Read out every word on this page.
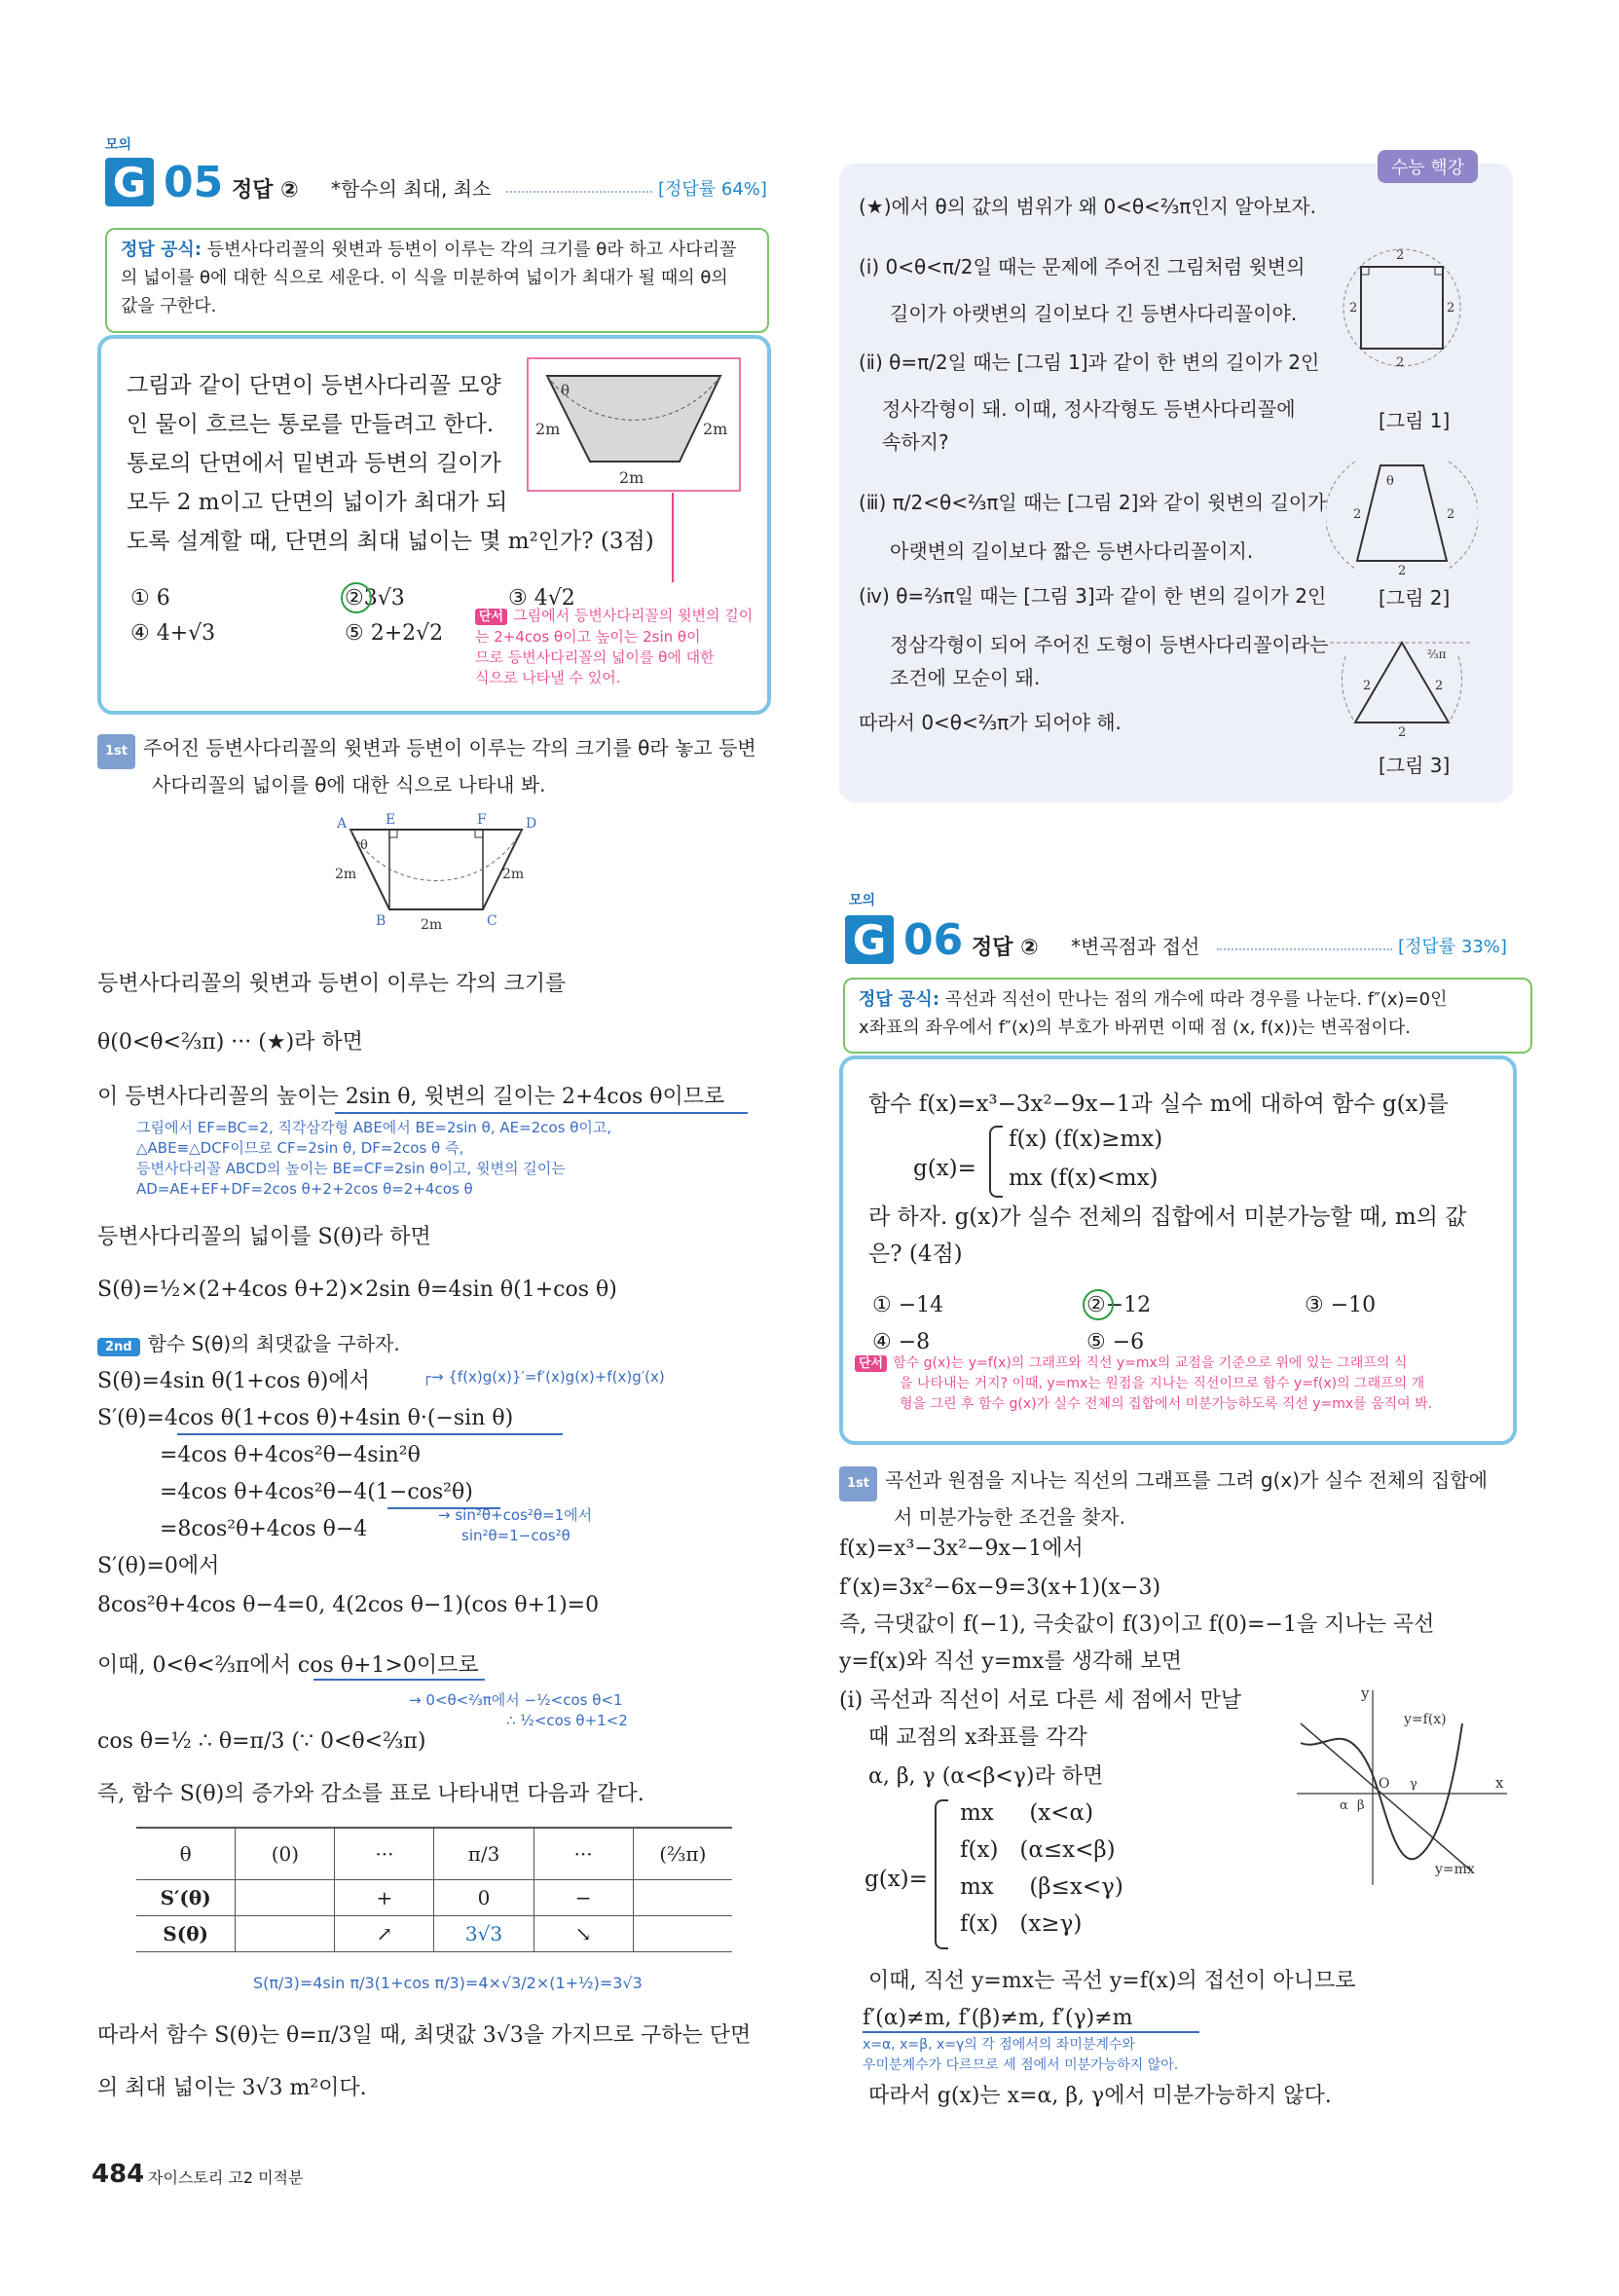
모의
G 05 정답 ② *함수의 최대, 최소	[정답률 64%]
정답 공식: 등변사다리꼴의 윗변과 등변이 이루는 각의 크기를 θ라 하고 사다리꼴
의 넓이를 θ에 대한 식으로 세운다. 이 식을 미분하여 넓이가 최대가 될 때의 θ의
값을 구한다.
그림과 같이 단면이 등변사다리꼴 모양
인 물이 흐르는 통로를 만들려고 한다.
통로의 단면에서 밑변과 등변의 길이가
모두 2 m이고 단면의 넓이가 최대가 되
도록 설계할 때, 단면의 최대 넓이는 몇 m²인가? (3점)
θ
2m	2m
2m
① 6	②3√3	③ 4√2
④ 4+√3	⑤ 2+2√2
단서 그림에서 등변사다리꼴의 윗변의 길이
는 2+4cos θ이고 높이는 2sin θ이
므로 등변사다리꼴의 넓이를 θ에 대한
식으로 나타낼 수 있어.
1st 주어진 등변사다리꼴의 윗변과 등변이 이루는 각의 크기를 θ라 놓고 등변
사다리꼴의 넓이를 θ에 대한 식으로 나타내 봐.
A	E	F	D
B	C
θ
2m	2m
2m
등변사다리꼴의 윗변과 등변이 이루는 각의 크기를
θ(0<θ<⅔π) ··· (★)라 하면
이 등변사다리꼴의 높이는 2sin θ, 윗변의 길이는 2+4cos θ이므로
그림에서 EF=BC=2, 직각삼각형 ABE에서 BE=2sin θ, AE=2cos θ이고,
△ABE≡△DCF이므로 CF=2sin θ, DF=2cos θ 즉,
등변사다리꼴 ABCD의 높이는 BE=CF=2sin θ이고, 윗변의 길이는
AD=AE+EF+DF=2cos θ+2+2cos θ=2+4cos θ
등변사다리꼴의 넓이를 S(θ)라 하면
S(θ)=½×(2+4cos θ+2)×2sin θ=4sin θ(1+cos θ)
2nd 함수 S(θ)의 최댓값을 구하자.
S(θ)=4sin θ(1+cos θ)에서	┌→ {f(x)g(x)}′=f′(x)g(x)+f(x)g′(x)
S′(θ)=4cos θ(1+cos θ)+4sin θ·(−sin θ)
=4cos θ+4cos²θ−4sin²θ
=4cos θ+4cos²θ−4(1−cos²θ)
→ sin²θ+cos²θ=1에서
sin²θ=1−cos²θ
=8cos²θ+4cos θ−4
S′(θ)=0에서
8cos²θ+4cos θ−4=0, 4(2cos θ−1)(cos θ+1)=0
이때, 0<θ<⅔π에서 cos θ+1>0이므로
→ 0<θ<⅔π에서 −½<cos θ<1
∴ ½<cos θ+1<2
cos θ=½ ∴ θ=π/3 (∵ 0<θ<⅔π)
즉, 함수 S(θ)의 증가와 감소를 표로 나타내면 다음과 같다.
θ	(0)	···	π/3	···	(⅔π)
S′(θ)		+	0	−	
S(θ)		↗	3√3	↘	
S(π/3)=4sin π/3(1+cos π/3)=4×√3/2×(1+½)=3√3
따라서 함수 S(θ)는 θ=π/3일 때, 최댓값 3√3을 가지므로 구하는 단면
의 최대 넓이는 3√3 m²이다.
484 자이스토리 고2 미적분
수능 핵강
(★)에서 θ의 값의 범위가 왜 0<θ<⅔π인지 알아보자.
(ⅰ) 0<θ<π/2일 때는 문제에 주어진 그림처럼 윗변의
길이가 아랫변의 길이보다 긴 등변사다리꼴이야.
(ⅱ) θ=π/2일 때는 [그림 1]과 같이 한 변의 길이가 2인
정사각형이 돼. 이때, 정사각형도 등변사다리꼴에
속하지?
(ⅲ) π/2<θ<⅔π일 때는 [그림 2]와 같이 윗변의 길이가
아랫변의 길이보다 짧은 등변사다리꼴이지.
(ⅳ) θ=⅔π일 때는 [그림 3]과 같이 한 변의 길이가 2인
정삼각형이 되어 주어진 도형이 등변사다리꼴이라는
조건에 모순이 돼.
따라서 0<θ<⅔π가 되어야 해.
2
2	2
2
[그림 1]
θ
2	2
2
[그림 2]
⅔π
2	2
2
[그림 3]
모의
G 06 정답 ② *변곡점과 접선	[정답률 33%]
정답 공식: 곡선과 직선이 만나는 점의 개수에 따라 경우를 나눈다. f″(x)=0인
x좌표의 좌우에서 f″(x)의 부호가 바뀌면 이때 점 (x, f(x))는 변곡점이다.
함수 f(x)=x³−3x²−9x−1과 실수 m에 대하여 함수 g(x)를
g(x)=
f(x) (f(x)≥mx)
mx (f(x)<mx)
라 하자. g(x)가 실수 전체의 집합에서 미분가능할 때, m의 값
은? (4점)
① −14	②−12	③ −10
④ −8	⑤ −6
단서 함수 g(x)는 y=f(x)의 그래프와 직선 y=mx의 교점을 기준으로 위에 있는 그래프의 식
을 나타내는 거지? 이때, y=mx는 원점을 지나는 직선이므로 함수 y=f(x)의 그래프의 개
형을 그린 후 함수 g(x)가 실수 전체의 집합에서 미분가능하도록 직선 y=mx를 움직여 봐.
1st 곡선과 원점을 지나는 직선의 그래프를 그려 g(x)가 실수 전체의 집합에
서 미분가능한 조건을 찾자.
f(x)=x³−3x²−9x−1에서
f′(x)=3x²−6x−9=3(x+1)(x−3)
즉, 극댓값이 f(−1), 극솟값이 f(3)이고 f(0)=−1을 지나는 곡선
y=f(x)와 직선 y=mx를 생각해 보면
(ⅰ) 곡선과 직선이 서로 다른 세 점에서 만날
때 교점의 x좌표를 각각
α, β, γ (α<β<γ)라 하면
g(x)=
mx     (x<α)
f(x)   (α≤x<β)
mx     (β≤x<γ)
f(x)   (x≥γ)
x
y
O
y=f(x)
y=mx
α β
γ
이때, 직선 y=mx는 곡선 y=f(x)의 접선이 아니므로
f′(α)≠m, f′(β)≠m, f′(γ)≠m
x=α, x=β, x=γ의 각 점에서의 좌미분계수와
우미분계수가 다르므로 세 점에서 미분가능하지 않아.
따라서 g(x)는 x=α, β, γ에서 미분가능하지 않다.
